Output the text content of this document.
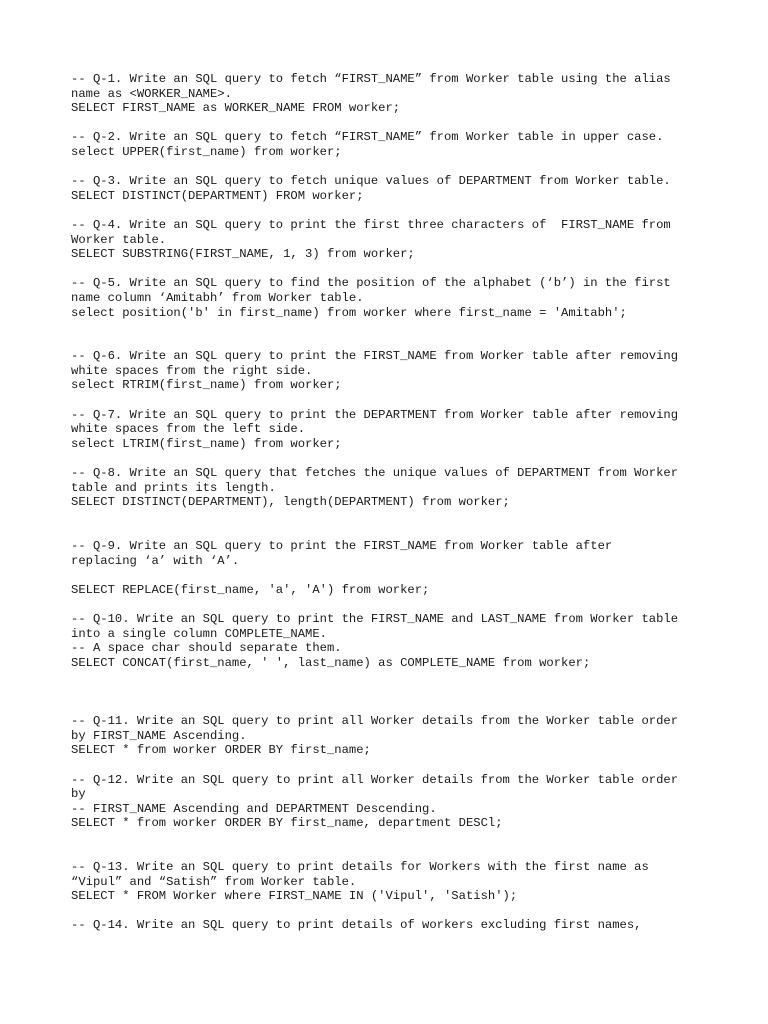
-- Q-1. Write an SQL query to fetch “FIRST_NAME” from Worker table using the alias
name as <WORKER_NAME>.
SELECT FIRST_NAME as WORKER_NAME FROM worker;
-- Q-2. Write an SQL query to fetch “FIRST_NAME” from Worker table in upper case.
select UPPER(first_name) from worker;
-- Q-3. Write an SQL query to fetch unique values of DEPARTMENT from Worker table.
SELECT DISTINCT(DEPARTMENT) FROM worker;
-- Q-4. Write an SQL query to print the first three characters of  FIRST_NAME from
Worker table.
SELECT SUBSTRING(FIRST_NAME, 1, 3) from worker;
-- Q-5. Write an SQL query to find the position of the alphabet (‘b’) in the first
name column ‘Amitabh’ from Worker table.
select position('b' in first_name) from worker where first_name = 'Amitabh';
-- Q-6. Write an SQL query to print the FIRST_NAME from Worker table after removing
white spaces from the right side.
select RTRIM(first_name) from worker;
-- Q-7. Write an SQL query to print the DEPARTMENT from Worker table after removing
white spaces from the left side.
select LTRIM(first_name) from worker;
-- Q-8. Write an SQL query that fetches the unique values of DEPARTMENT from Worker
table and prints its length.
SELECT DISTINCT(DEPARTMENT), length(DEPARTMENT) from worker;
-- Q-9. Write an SQL query to print the FIRST_NAME from Worker table after
replacing ‘a’ with ‘A’.
SELECT REPLACE(first_name, 'a', 'A') from worker;
-- Q-10. Write an SQL query to print the FIRST_NAME and LAST_NAME from Worker table
into a single column COMPLETE_NAME.
-- A space char should separate them.
SELECT CONCAT(first_name, ' ', last_name) as COMPLETE_NAME from worker;
-- Q-11. Write an SQL query to print all Worker details from the Worker table order
by FIRST_NAME Ascending.
SELECT * from worker ORDER BY first_name;
-- Q-12. Write an SQL query to print all Worker details from the Worker table order
by
-- FIRST_NAME Ascending and DEPARTMENT Descending.
SELECT * from worker ORDER BY first_name, department DESCl;
-- Q-13. Write an SQL query to print details for Workers with the first name as
“Vipul” and “Satish” from Worker table.
SELECT * FROM Worker where FIRST_NAME IN ('Vipul', 'Satish');
-- Q-14. Write an SQL query to print details of workers excluding first names,
